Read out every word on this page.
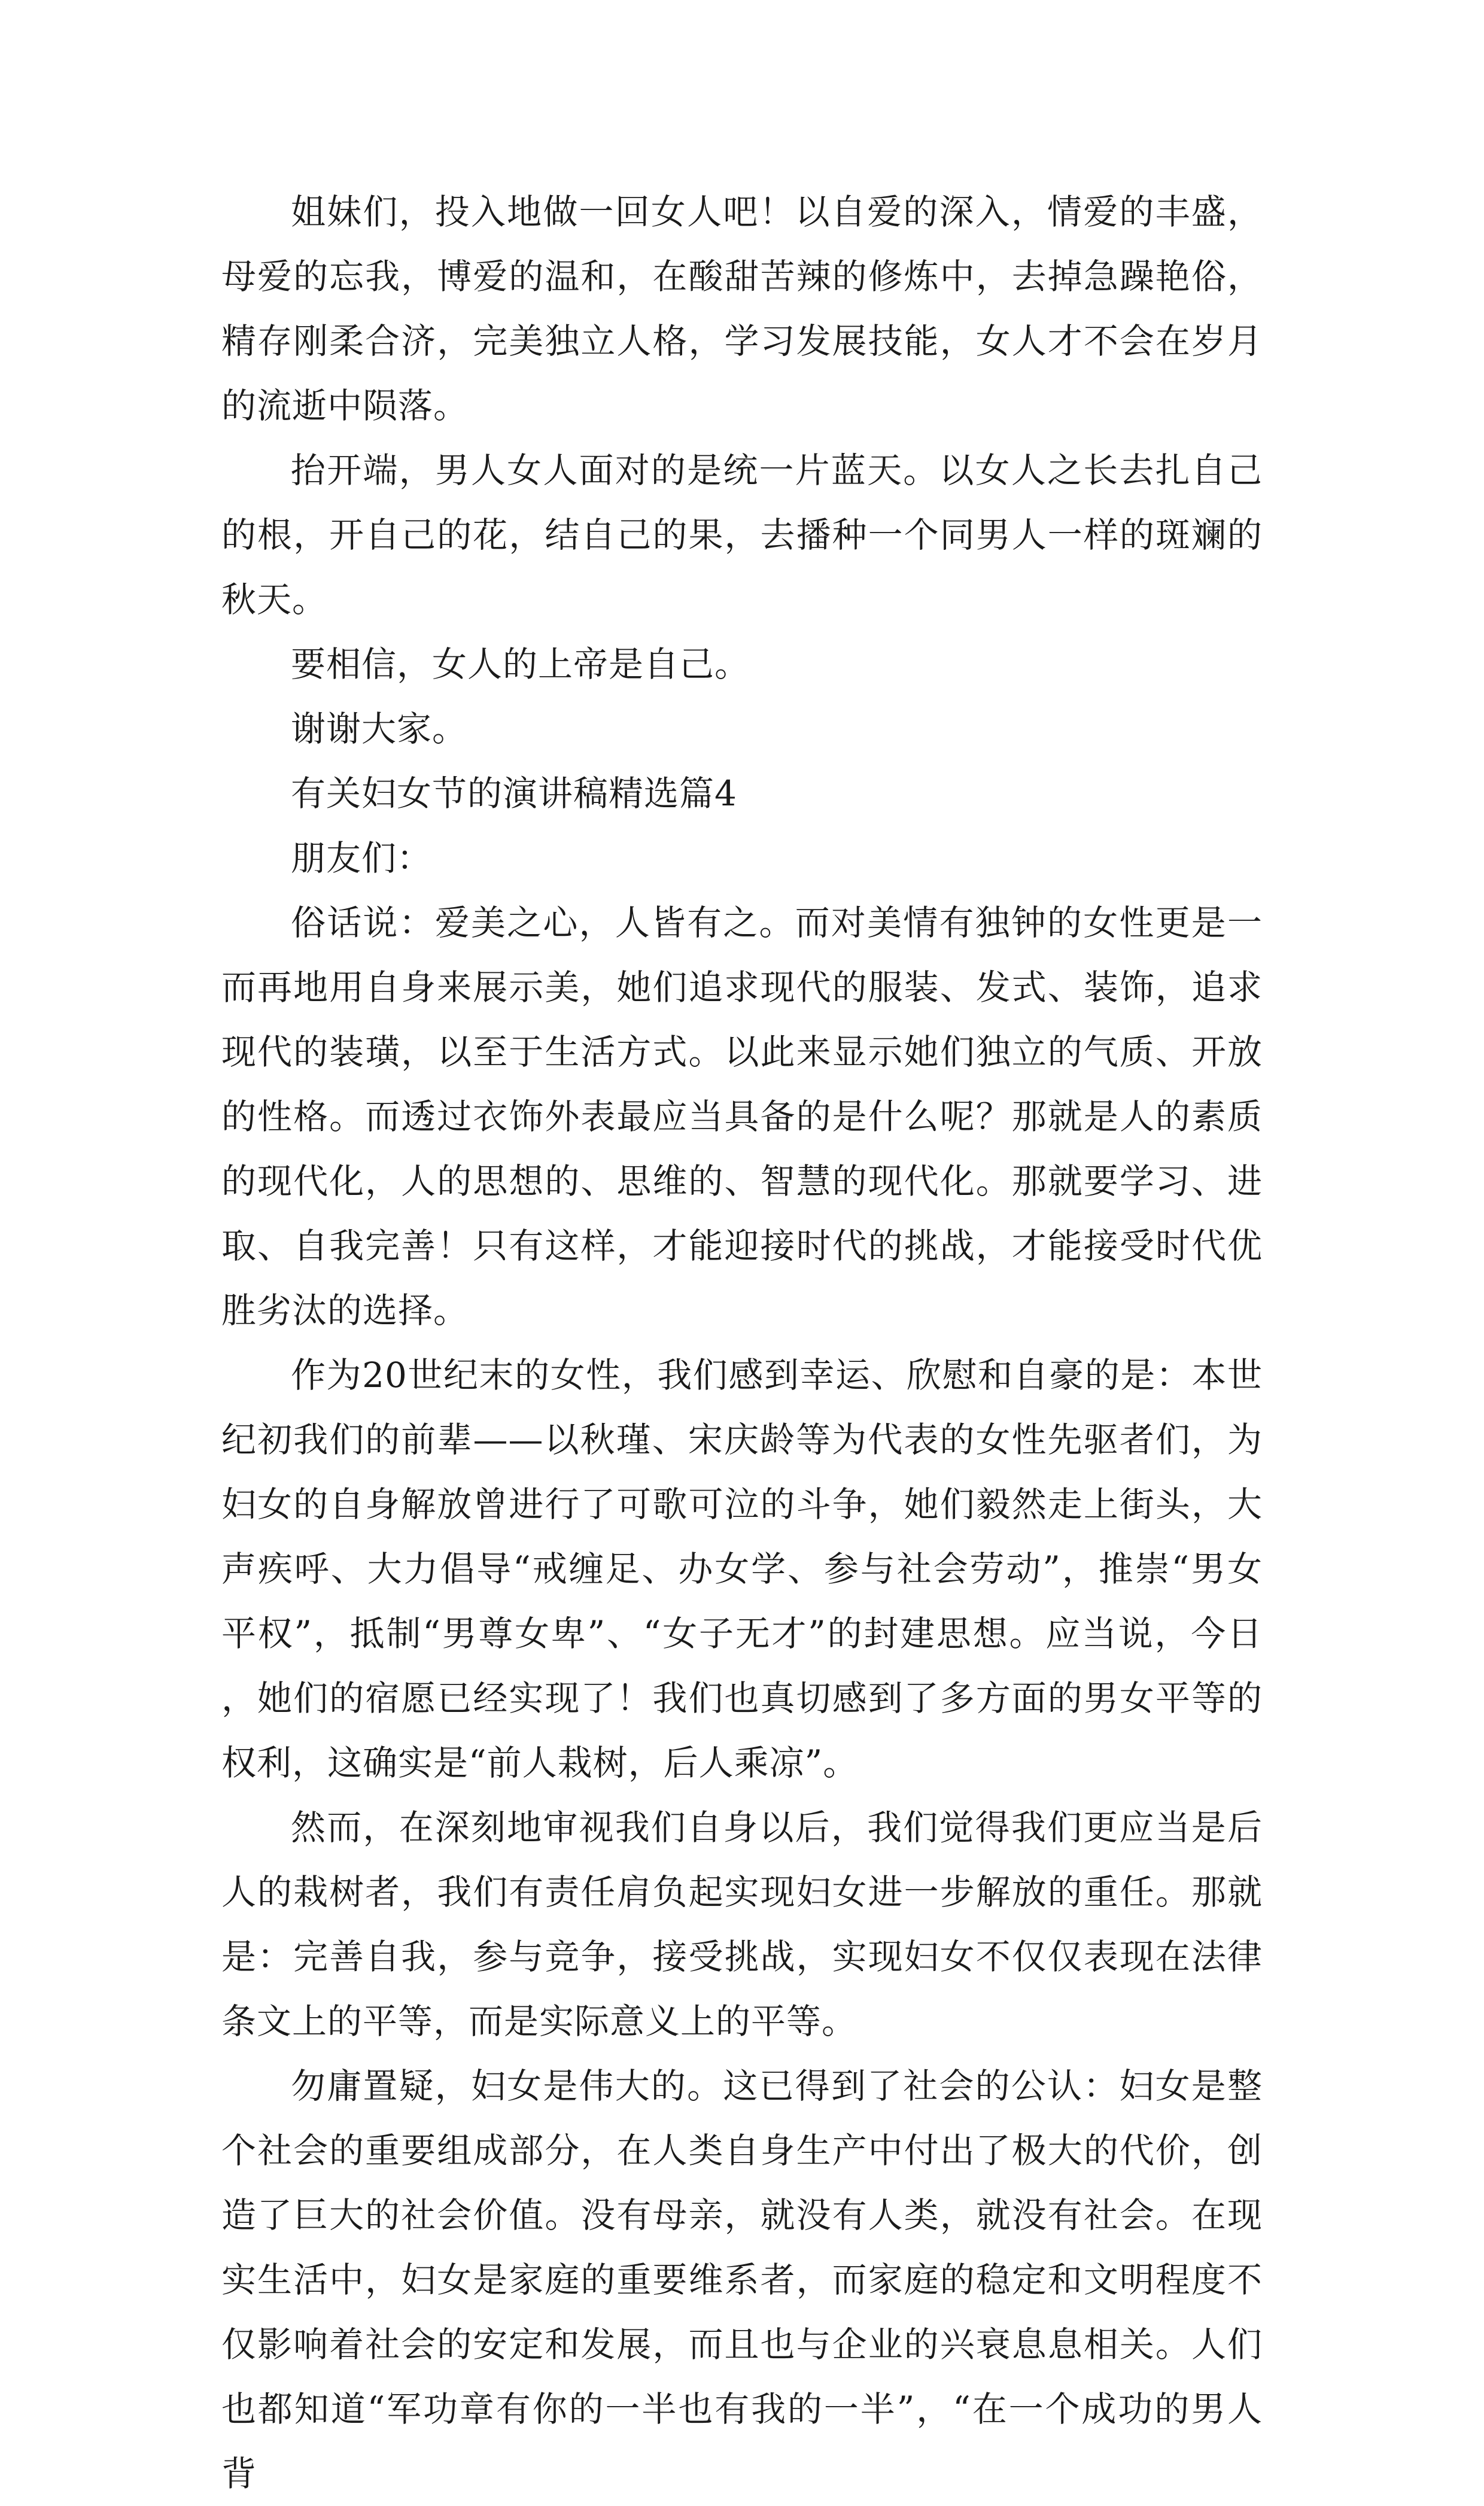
姐妹们，投入地做一回女人吧！以自爱的深入，情爱的丰盛，母爱的忘我，博爱的温和，在酸甜苦辣的修炼中，去掉急躁艳俗，精存刚柔合济，完美独立人格，学习发展技能，女人才不会在岁月的流逝中陨落。

抬开端，男人女人面对的是统一片蓝天。以女人之长去扎自己的根，开自己的花，结自己的果，去播种一个同男人一样的斑斓的秋天。

要相信，女人的上帝是自己。

谢谢大家。

有关妇女节的演讲稿精选篇4

朋友们：

俗话说：爱美之心，人皆有之。而对美情有独钟的女性更是一而再地用自身来展示美，她们追求现代的服装、发式、装饰，追求现代的装璜，以至于生活方式。以此来显示她们独立的气质、开放的性格。而透过衣饰外表最应当具备的是什么呢？那就是人的素质的现代化，人的思想的、思维的、智慧的现代化。那就要学习、进取、自我完善！只有这样，才能迎接时代的挑战，才能接受时代优胜劣汰的选择。

作为20世纪末的女性，我们感到幸运、欣慰和自豪的是：本世纪初我们的前辈——以秋瑾、宋庆龄等为代表的女性先驱者们，为妇女的自身解放曾进行了可歌可泣的斗争，她们毅然走上街头，大声疾呼、大力倡导“戒缠足、办女学、参与社会劳动”，推崇“男女平权”，抵制“男尊女卑”、“女子无才”的封建思想。应当说，今日，她们的宿愿已经实现了！我们也真切感到了多方面的男女平等的权利，这确实是“前人栽树，后人乘凉”。

然而，在深刻地审视我们自身以后，我们觉得我们更应当是后人的栽树者，我们有责任肩负起实现妇女进一步解放的重任。那就是：完善自我，参与竞争，接受挑战，实现妇女不仅仅表现在法律条文上的平等，而是实际意义上的平等。

勿庸置疑，妇女是伟大的。这已得到了社会的公认：妇女是整个社会的重要组成部分，在人类自身生产中付出了极大的代价，创造了巨大的社会价值。没有母亲，就没有人类，就没有社会。在现实生活中，妇女是家庭的重要维系者，而家庭的稳定和文明程度不仅影响着社会的安定和发展，而且也与企业的兴衰息息相关。人们也都知道“军功章有你的一半也有我的一半”，“在一个成功的男人背
